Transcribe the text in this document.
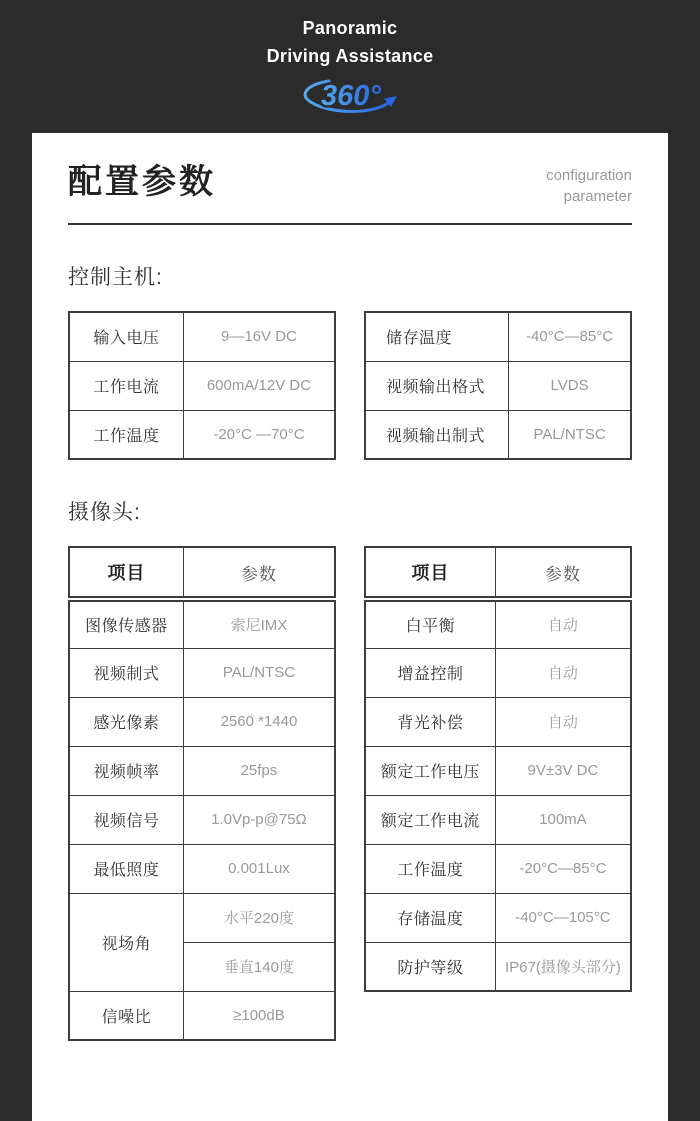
Panoramic
Driving Assistance
360°
配置参数	configuration
parameter
控制主机:
输入电压	9—16V DC
工作电流	600mA/12V DC
工作温度	-20°C —70°C
储存温度	-40°C—85°C
视频输出格式	LVDS
视频输出制式	PAL/NTSC
摄像头:
项目	参数
图像传感器	索尼IMX
视频制式	PAL/NTSC
感光像素	2560 *1440
视频帧率	25fps
视频信号	1.0Vp-p@75Ω
最低照度	0.001Lux
视场角	水平220度
	垂直140度
信噪比	≥100dB
项目	参数
白平衡	自动
增益控制	自动
背光补偿	自动
额定工作电压	9V±3V DC
额定工作电流	100mA
工作温度	-20°C—85°C
存储温度	-40°C—105°C
防护等级	IP67(摄像头部分)
